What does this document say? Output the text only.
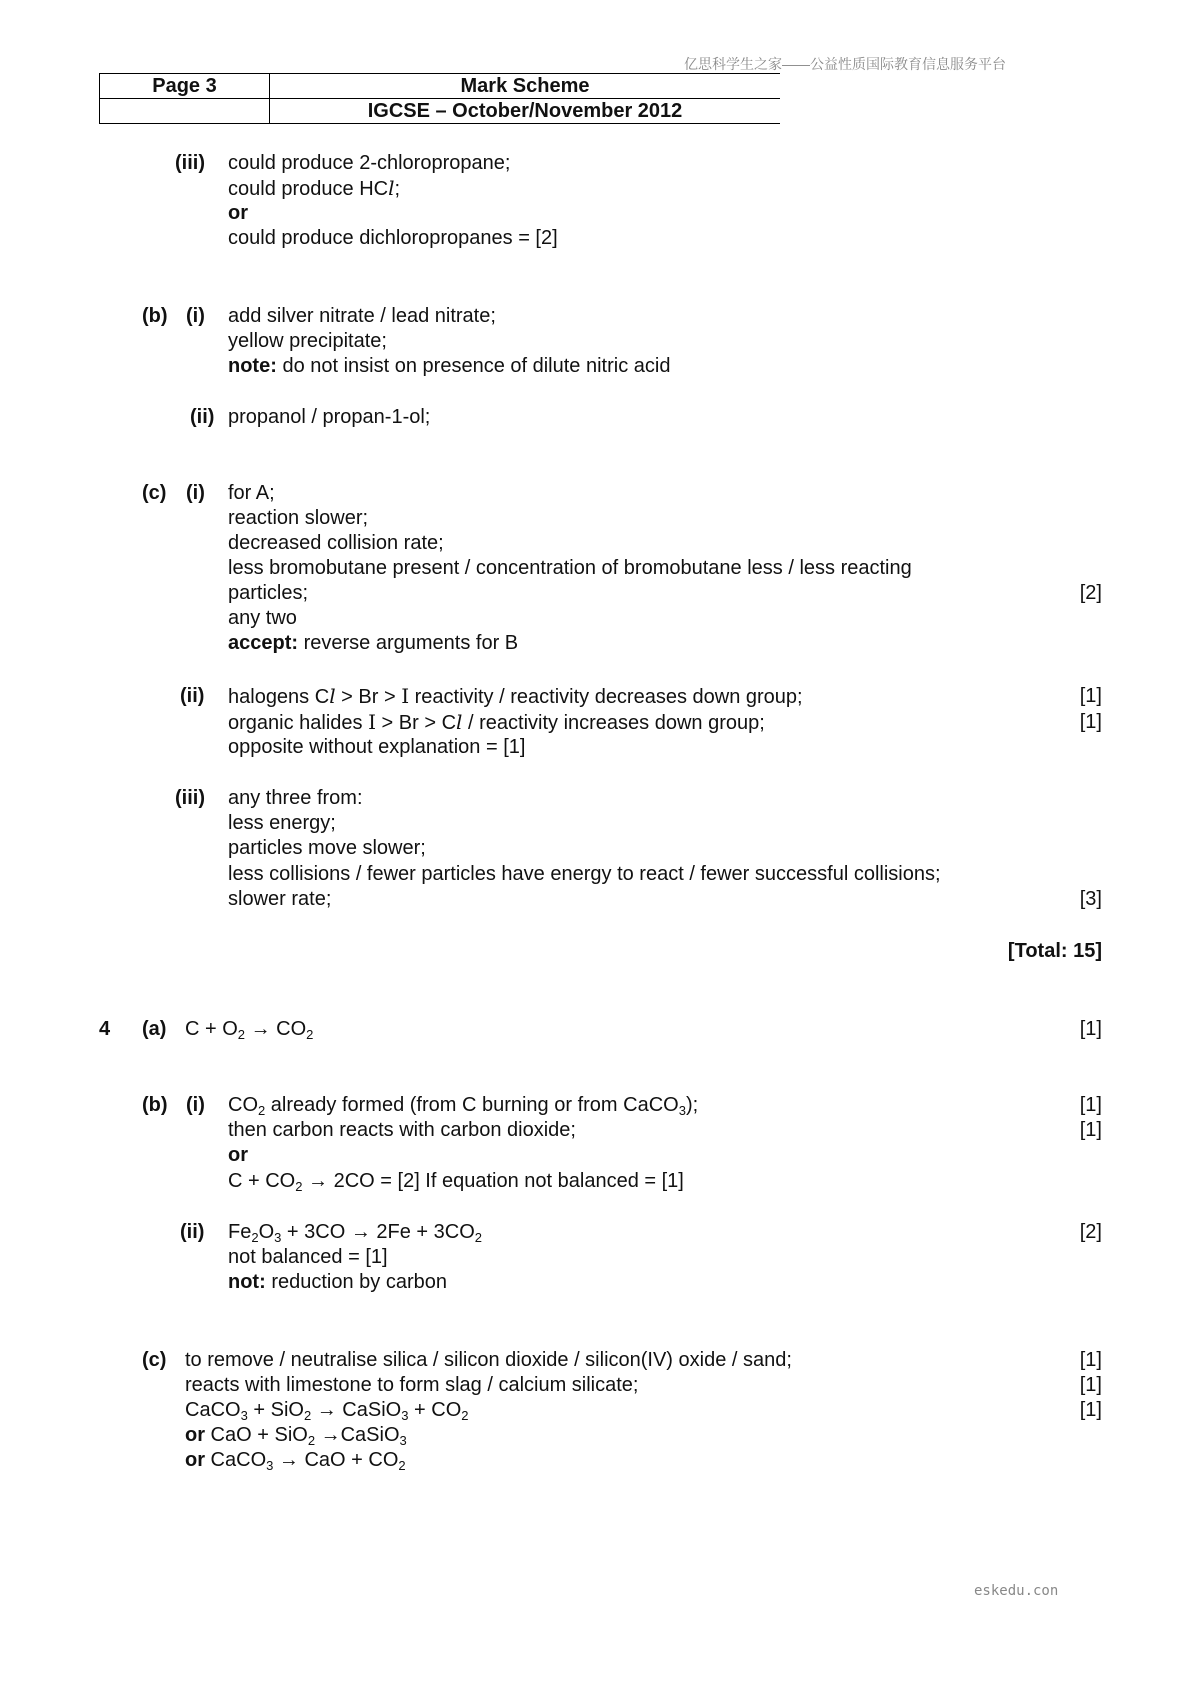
亿思科学生之家——公益性质国际教育信息服务平台
Page 3	Mark Scheme
	IGCSE – October/November 2012
(iii) could produce 2-chloropropane;
could produce HCl;
or
could produce dichloropropanes = [2]
(b) (i) add silver nitrate / lead nitrate;
yellow precipitate;
note: do not insist on presence of dilute nitric acid
(ii) propanol / propan-1-ol;
(c) (i) for A;
reaction slower;
decreased collision rate;
less bromobutane present / concentration of bromobutane less / less reacting
particles;	[2]
any two
accept: reverse arguments for B
(ii) halogens Cl > Br > I reactivity / reactivity decreases down group;	[1]
organic halides I > Br > Cl / reactivity increases down group;	[1]
opposite without explanation = [1]
(iii) any three from:
less energy;
particles move slower;
less collisions / fewer particles have energy to react / fewer successful collisions;
slower rate;	[3]
[Total: 15]
4 (a) $C + O_2 \to CO_2$	[1]
(b) (i) $CO_2$ already formed (from C burning or from CaCO$_3$);	[1]
then carbon reacts with carbon dioxide;	[1]
or
$C + CO_2 \to 2CO = [2]$ If equation not balanced = [1]
(ii) $Fe_2O_3 + 3CO \to 2Fe + 3CO_2$	[2]
not balanced = [1]
not: reduction by carbon
(c) to remove / neutralise silica / silicon dioxide / silicon(IV) oxide / sand;	[1]
reacts with limestone to form slag / calcium silicate;	[1]
CaCO$_3$ + SiO$_2$ → CaSiO$_3$ + $CO_2$	[1]
or CaO + SiO$_2$ →CaSiO$_3$
or CaCO$_3$ → CaO + $CO_2$
eskedu.con
